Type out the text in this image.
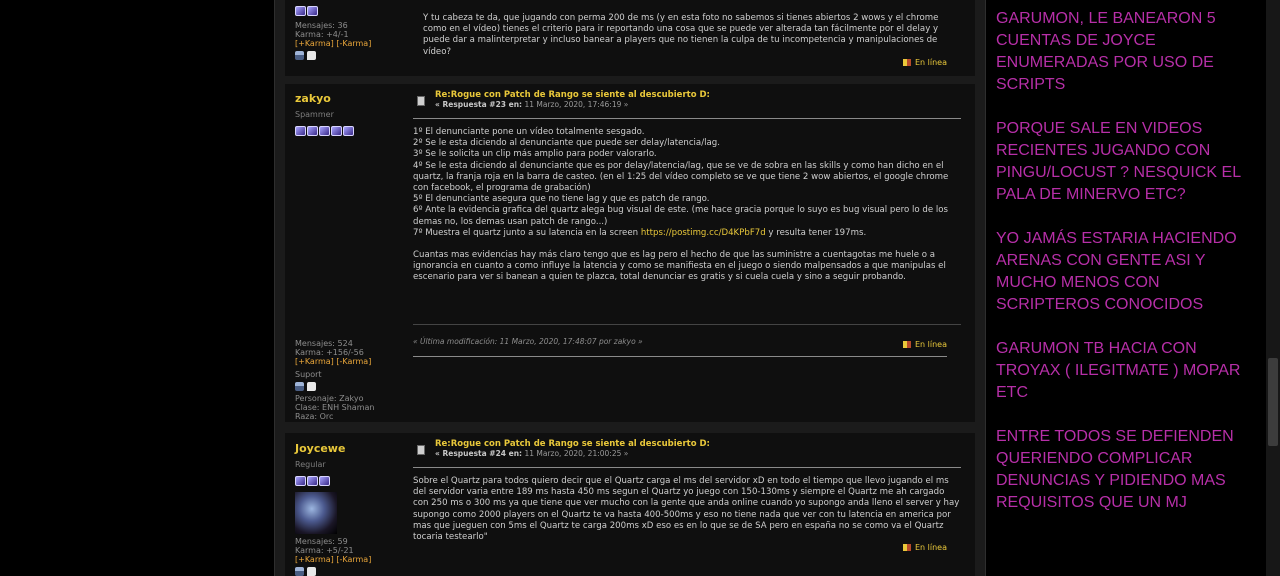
Mensajes: 36
Karma: +4/-1
[+Karma] [-Karma]
Y tu cabeza te da, que jugando con perma 200 de ms (y en esta foto no sabemos si tienes abiertos 2 wows y el chrome como en el vídeo) tienes el criterio para ir reportando una cosa que se puede ver alterada tan fácilmente por el delay y puede dar a malinterpretar y incluso banear a players que no tienen la culpa de tu incompetencia y manipulaciones de vídeo?
En línea
zakyo
Spammer
Mensajes: 524
Karma: +156/-56
[+Karma] [-Karma]
Suport
Personaje: Zakyo
Clase: ENH Shaman
Raza: Orc
Re:Rogue con Patch de Rango se siente al descubierto D:
« Respuesta #23 en: 11 Marzo, 2020, 17:46:19 »
1º El denunciante pone un vídeo totalmente sesgado.
2º Se le esta diciendo al denunciante que puede ser delay/latencia/lag.
3º Se le solicita un clip más amplio para poder valorarlo.
4º Se le esta diciendo al denunciante que es por delay/latencia/lag, que se ve de sobra en las skills y como han dicho en el quartz, la franja roja en la barra de casteo. (en el 1:25 del vídeo completo se ve que tiene 2 wow abiertos, el google chrome con facebook, el programa de grabación)
5º El denunciante asegura que no tiene lag y que es patch de rango.
6º Ante la evidencia grafica del quartz alega bug visual de este. (me hace gracia porque lo suyo es bug visual pero lo de los demas no, los demas usan patch de rango...)
7º Muestra el quartz junto a su latencia en la screen https://postimg.cc/D4KPbF7d y resulta tener 197ms.
Cuantas mas evidencias hay más claro tengo que es lag pero el hecho de que las suministre a cuentagotas me huele o a ignorancia en cuanto a como influye la latencia y como se manifiesta en el juego o siendo malpensados a que manipulas el escenario para ver si banean a quien te plazca, total denunciar es gratis y si cuela cuela y sino a seguir probando.
« Última modificación: 11 Marzo, 2020, 17:48:07 por zakyo »	En línea
Joycewe
Regular
Mensajes: 59
Karma: +5/-21
[+Karma] [-Karma]
Re:Rogue con Patch de Rango se siente al descubierto D:
« Respuesta #24 en: 11 Marzo, 2020, 21:00:25 »
Sobre el Quartz para todos quiero decir que el Quartz carga el ms del servidor xD en todo el tiempo que llevo jugando el ms del servidor varia entre 189 ms hasta 450 ms segun el Quartz yo juego con 150-130ms y siempre el Quartz me ah cargado con 250 ms o 300 ms ya que tiene que ver mucho con la gente que anda online cuando yo supongo anda lleno el server y hay supongo como 2000 players on el Quartz te va hasta 400-500ms y eso no tiene nada que ver con tu latencia en america por mas que jueguen con 5ms el Quartz te carga 200ms xD eso es en lo que se de SA pero en españa no se como va el Quartz tocaria testearlo"
En línea

GARUMON, LE BANEARON 5 CUENTAS DE JOYCE ENUMERADAS POR USO DE SCRIPTS

PORQUE SALE EN VIDEOS RECIENTES JUGANDO CON PINGU/LOCUST ? NESQUICK EL PALA DE MINERVO ETC?

YO JAMÁS ESTARIA HACIENDO ARENAS CON GENTE ASI Y MUCHO MENOS CON SCRIPTEROS CONOCIDOS

GARUMON TB HACIA CON TROYAX ( ILEGITMATE ) MOPAR ETC

ENTRE TODOS SE DEFIENDEN QUERIENDO COMPLICAR DENUNCIAS Y PIDIENDO MAS REQUISITOS QUE UN MJ
